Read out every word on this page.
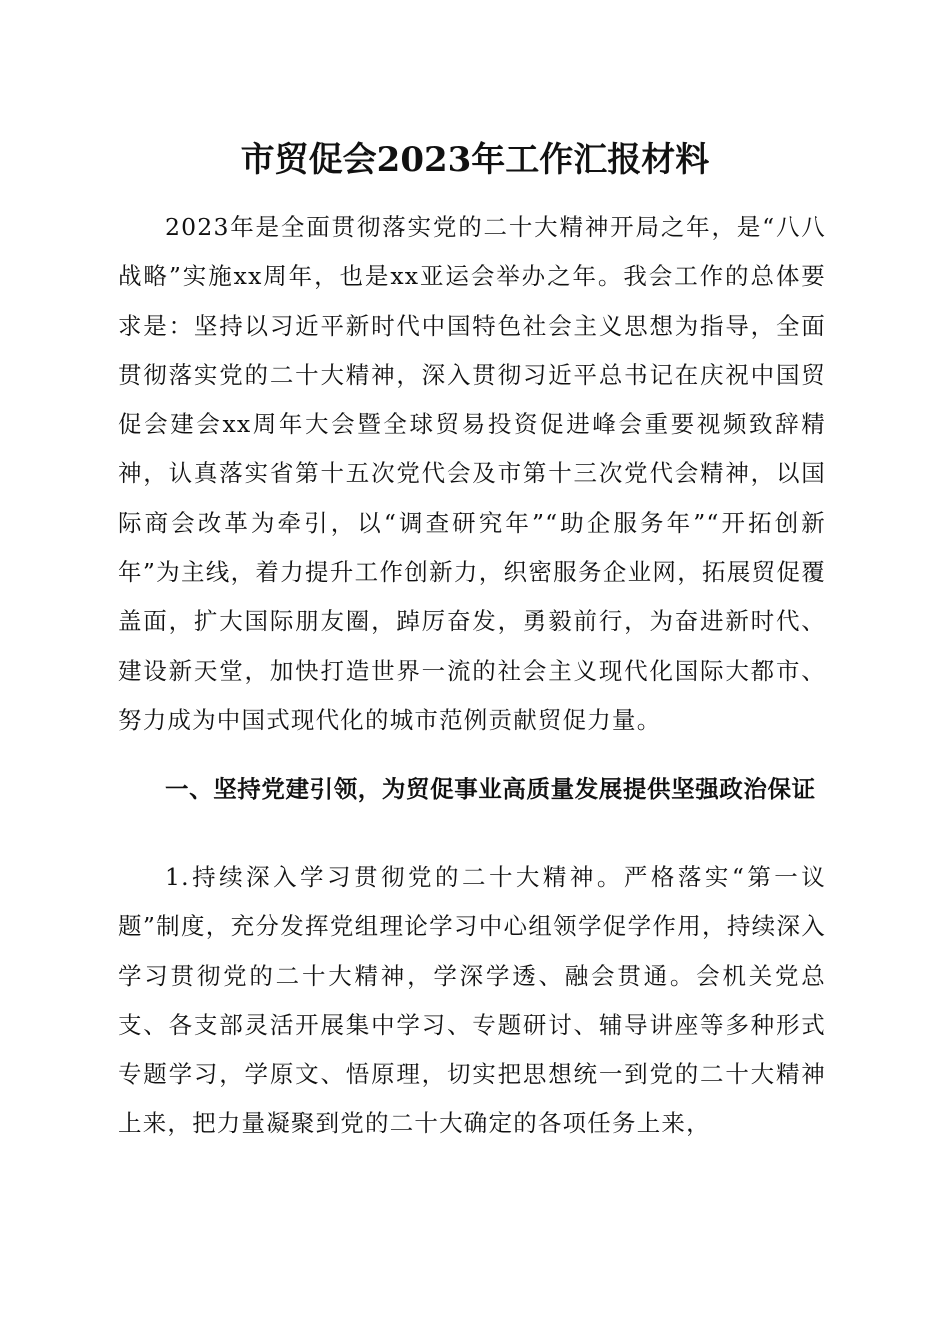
市贸促会2023年工作汇报材料

2023年是全面贯彻落实党的二十大精神开局之年，是“八八战略”实施xx周年，也是xx亚运会举办之年。我会工作的总体要求是：坚持以习近平新时代中国特色社会主义思想为指导，全面贯彻落实党的二十大精神，深入贯彻习近平总书记在庆祝中国贸促会建会xx周年大会暨全球贸易投资促进峰会重要视频致辞精神，认真落实省第十五次党代会及市第十三次党代会精神，以国际商会改革为牵引，以“调查研究年”“助企服务年”“开拓创新年”为主线，着力提升工作创新力，织密服务企业网，拓展贸促覆盖面，扩大国际朋友圈，踔厉奋发，勇毅前行，为奋进新时代、建设新天堂，加快打造世界一流的社会主义现代化国际大都市、努力成为中国式现代化的城市范例贡献贸促力量。

一、坚持党建引领，为贸促事业高质量发展提供坚强政治保证

1.持续深入学习贯彻党的二十大精神。严格落实“第一议题”制度，充分发挥党组理论学习中心组领学促学作用，持续深入学习贯彻党的二十大精神，学深学透、融会贯通。会机关党总支、各支部灵活开展集中学习、专题研讨、辅导讲座等多种形式专题学习，学原文、悟原理，切实把思想统一到党的二十大精神上来，把力量凝聚到党的二十大确定的各项任务上来，
